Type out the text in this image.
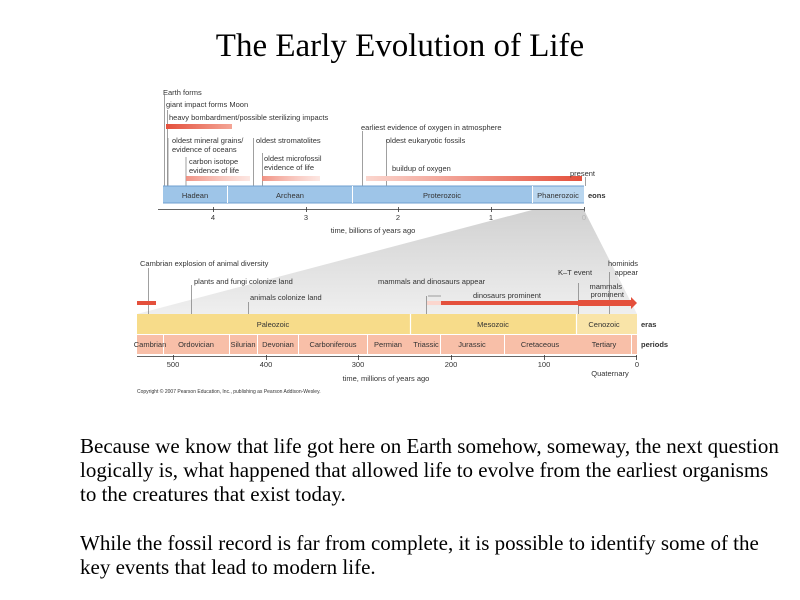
The Early Evolution of Life
Earth forms
giant impact forms Moon
heavy bombardment/possible sterilizing impacts
oldest mineral grains/
evidence of oceans
oldest stromatolites
carbon isotope
evidence of life
oldest microfossil
evidence of life
earliest evidence of oxygen in atmosphere
oldest eukaryotic fossils
buildup of oxygen
present
Hadean	Archean	Proterozoic	Phanerozoic eons
4	3	2	1
time, billions of years ago
Cambrian explosion of animal diversity
plants and fungi colonize land
animals colonize land
mammals and dinosaurs appear
dinosaurs prominent
K–T event
hominids
appear
mammals
prominent
Paleozoic	Mesozoic	Cenozoic	eras
Cambrian Ordovician Silurian Devonian Carboniferous Permian Triassic	Jurassic	Cretaceous	Tertiary	periods
500	400	300	200	100	0
Quaternary
time, millions of years ago
Copyright © 2007 Pearson Education, Inc., publishing as Pearson Addison-Wesley.
Because we know that life got here on Earth somehow, someway, the next question logically is, what happened that allowed life to evolve from the earliest organisms to the creatures that exist today.
While the fossil record is far from complete, it is possible to identify some of the key events that lead to modern life.
